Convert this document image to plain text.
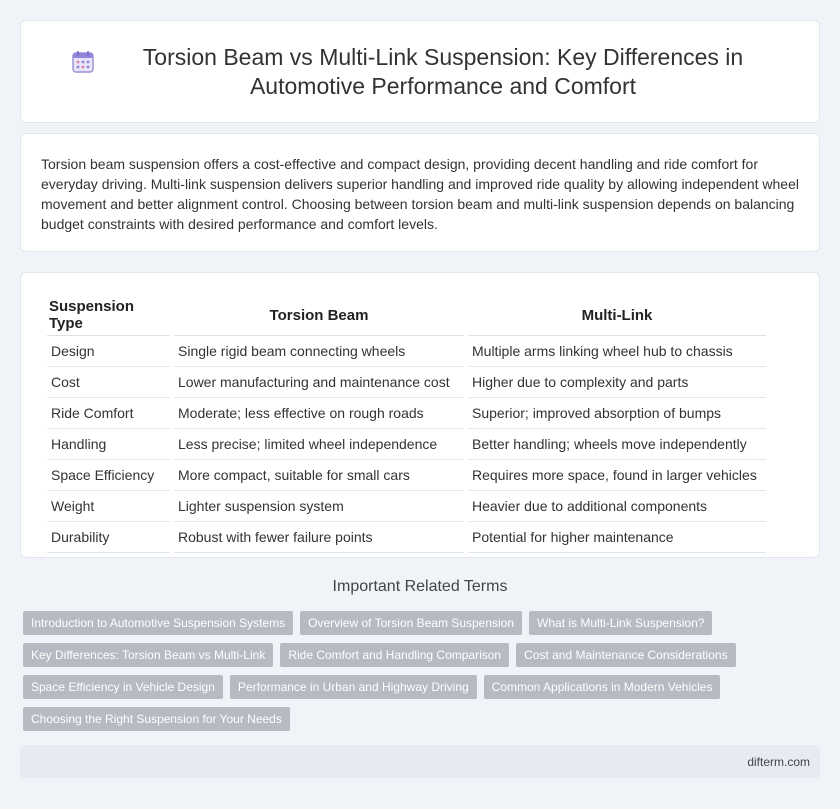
Torsion Beam vs Multi-Link Suspension: Key Differences in Automotive Performance and Comfort

Torsion beam suspension offers a cost-effective and compact design, providing decent handling and ride comfort for everyday driving. Multi-link suspension delivers superior handling and improved ride quality by allowing independent wheel movement and better alignment control. Choosing between torsion beam and multi-link suspension depends on balancing budget constraints with desired performance and comfort levels.

Suspension Type	Torsion Beam	Multi-Link
Design	Single rigid beam connecting wheels	Multiple arms linking wheel hub to chassis
Cost	Lower manufacturing and maintenance cost	Higher due to complexity and parts
Ride Comfort	Moderate; less effective on rough roads	Superior; improved absorption of bumps
Handling	Less precise; limited wheel independence	Better handling; wheels move independently
Space Efficiency	More compact, suitable for small cars	Requires more space, found in larger vehicles
Weight	Lighter suspension system	Heavier due to additional components
Durability	Robust with fewer failure points	Potential for higher maintenance
Important Related Terms
Introduction to Automotive Suspension Systems	Overview of Torsion Beam Suspension	What is Multi-Link Suspension?
Key Differences: Torsion Beam vs Multi-Link	Ride Comfort and Handling Comparison	Cost and Maintenance Considerations
Space Efficiency in Vehicle Design	Performance in Urban and Highway Driving	Common Applications in Modern Vehicles
Choosing the Right Suspension for Your Needs
difterm.com
